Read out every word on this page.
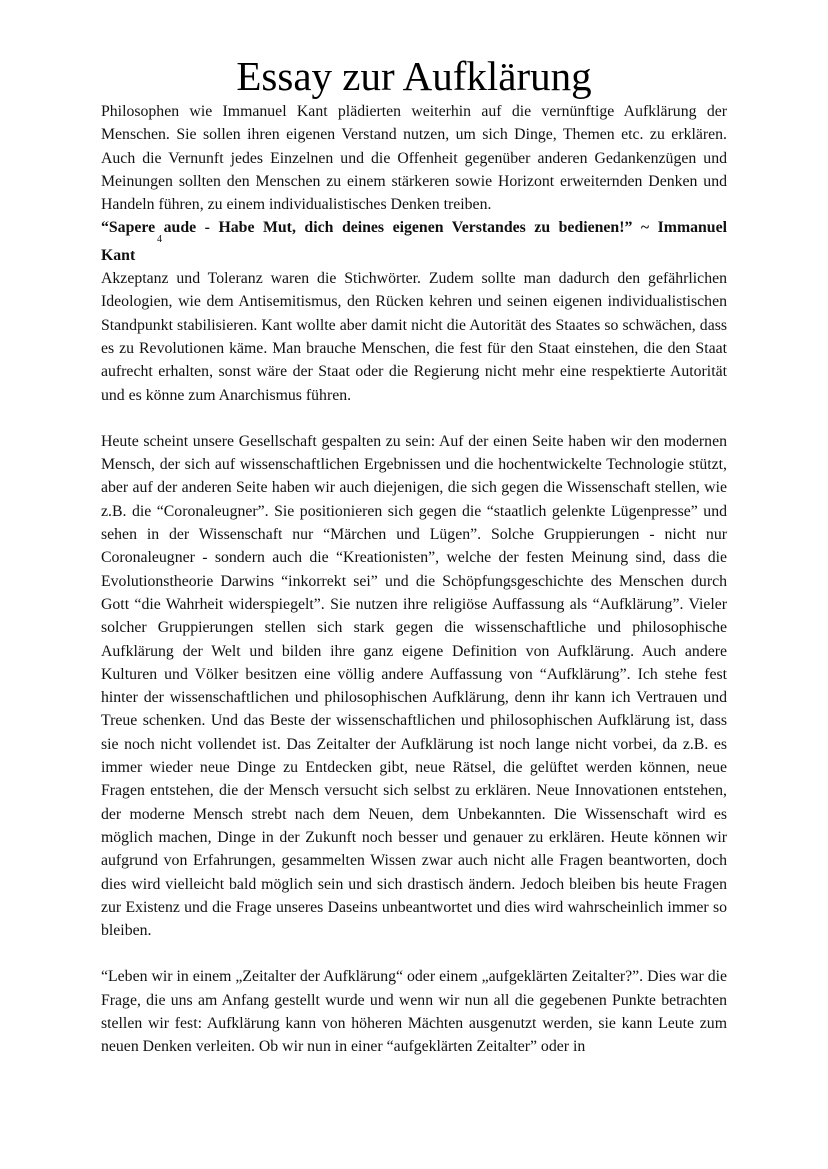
Essay zur Aufklärung

Philosophen wie Immanuel Kant plädierten weiterhin auf die vernünftige Aufklärung der Menschen. Sie sollen ihren eigenen Verstand nutzen, um sich Dinge, Themen etc. zu erklären. Auch die Vernunft jedes Einzelnen und die Offenheit gegenüber anderen Gedankenzügen und Meinungen sollten den Menschen zu einem stärkeren sowie Horizont erweiternden Denken und Handeln führen, zu einem individualistisches Denken treiben.

“Sapere aude - Habe Mut, dich deines eigenen Verstandes zu bedienen!” ~ Immanuel

Kant
4

Akzeptanz und Toleranz waren die Stichwörter. Zudem sollte man dadurch den gefährlichen Ideologien, wie dem Antisemitismus, den Rücken kehren und seinen eigenen individualistischen Standpunkt stabilisieren. Kant wollte aber damit nicht die Autorität des Staates so schwächen, dass es zu Revolutionen käme. Man brauche Menschen, die fest für den Staat einstehen, die den Staat aufrecht erhalten, sonst wäre der Staat oder die Regierung nicht mehr eine respektierte Autorität und es könne zum Anarchismus führen.

Heute scheint unsere Gesellschaft gespalten zu sein: Auf der einen Seite haben wir den modernen Mensch, der sich auf wissenschaftlichen Ergebnissen und die hochentwickelte Technologie stützt, aber auf der anderen Seite haben wir auch diejenigen, die sich gegen die Wissenschaft stellen, wie z.B. die “Coronaleugner”. Sie positionieren sich gegen die “staatlich gelenkte Lügenpresse” und sehen in der Wissenschaft nur “Märchen und Lügen”. Solche Gruppierungen - nicht nur Coronaleugner - sondern auch die “Kreationisten”, welche der festen Meinung sind, dass die Evolutionstheorie Darwins “inkorrekt sei” und die Schöpfungsgeschichte des Menschen durch Gott “die Wahrheit widerspiegelt”. Sie nutzen ihre religiöse Auffassung als “Aufklärung”. Vieler solcher Gruppierungen stellen sich stark gegen die wissenschaftliche und philosophische Aufklärung der Welt und bilden ihre ganz eigene Definition von Aufklärung. Auch andere Kulturen und Völker besitzen eine völlig andere Auffassung von “Aufklärung”. Ich stehe fest hinter der wissenschaftlichen und philosophischen Aufklärung, denn ihr kann ich Vertrauen und Treue schenken. Und das Beste der wissenschaftlichen und philosophischen Aufklärung ist, dass sie noch nicht vollendet ist. Das Zeitalter der Aufklärung ist noch lange nicht vorbei, da z.B. es immer wieder neue Dinge zu Entdecken gibt, neue Rätsel, die gelüftet werden können, neue Fragen entstehen, die der Mensch versucht sich selbst zu erklären. Neue Innovationen entstehen, der moderne Mensch strebt nach dem Neuen, dem Unbekannten. Die Wissenschaft wird es möglich machen, Dinge in der Zukunft noch besser und genauer zu erklären. Heute können wir aufgrund von Erfahrungen, gesammelten Wissen zwar auch nicht alle Fragen beantworten, doch dies wird vielleicht bald möglich sein und sich drastisch ändern. Jedoch bleiben bis heute Fragen zur Existenz und die Frage unseres Daseins unbeantwortet und dies wird wahrscheinlich immer so bleiben.

“Leben wir in einem „Zeitalter der Aufklärung“ oder einem „aufgeklärten Zeitalter?”. Dies war die Frage, die uns am Anfang gestellt wurde und wenn wir nun all die gegebenen Punkte betrachten stellen wir fest: Aufklärung kann von höheren Mächten ausgenutzt werden, sie kann Leute zum neuen Denken verleiten. Ob wir nun in einer “aufgeklärten Zeitalter” oder in
